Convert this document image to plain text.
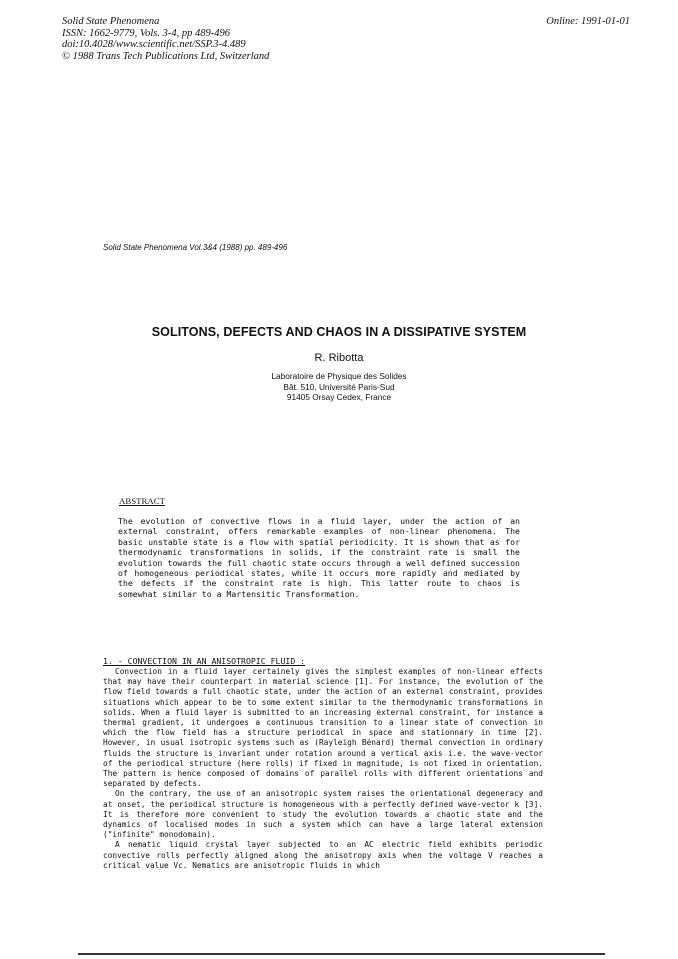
Solid State Phenomena
ISSN: 1662-9779, Vols. 3-4, pp 489-496
doi:10.4028/www.scientific.net/SSP.3-4.489
© 1988 Trans Tech Publications Ltd, Switzerland
Online: 1991-01-01
Solid State Phenomena Vol.3&4 (1988) pp. 489-496
SOLITONS, DEFECTS AND CHAOS IN A DISSIPATIVE SYSTEM
R. Ribotta
Laboratoire de Physique des Solides
Bât. 510, Université Paris-Sud
91405 Orsay Cedex, France
ABSTRACT
The evolution of convective flows in a fluid layer, under the action of an external constraint, offers remarkable examples of non-linear phenomena. The basic unstable state is a flow with spatial periodicity. It is shown that as for thermodynamic transformations in solids, if the constraint rate is small the evolution towards the full chaotic state occurs through a well defined succession of homogeneous periodical states, while it occurs more rapidly and mediated by the defects if the constraint rate is high. This latter route to chaos is somewhat similar to a Martensitic Transformation.
1. - CONVECTION IN AN ANISOTROPIC FLUID :

Convection in a fluid layer certainely gives the simplest examples of non-linear effects that may have their counterpart in material science [1]. For instance, the evolution of the flow field towards a full chaotic state, under the action of an external constraint, provides situations which appear to be to some extent similar to the thermodynamic transformations in solids. When a fluid layer is submitted to an increasing external constraint, for instance a thermal gradient, it undergoes a continuous transition to a linear state of convection in which the flow field has a structure periodical in space and stationnary in time [2]. However, in usual isotropic systems such as (Rayleigh Bénard) thermal convection in ordinary fluids the structure is invariant under rotation around a vertical axis i.e. the wave-vector of the periodical structure (here rolls) if fixed in magnitude, is not fixed in orientation. The pattern is hence composed of domains of parallel rolls with different orientations and separated by defects.

On the contrary, the use of an anisotropic system raises the orientational degeneracy and at onset, the periodical structure is homogeneous with a perfectly defined wave-vector k [3]. It is therefore more convenient to study the evolution towards a chaotic state and the dynamics of localised modes in such a system which can have a large lateral extension ("infinite" monodomain).

A nematic liquid crystal layer subjected to an AC electric field exhibits periodic convective rolls perfectly aligned along the anisotropy axis when the voltage V reaches a critical value Vc. Nematics are anisotropic fluids in which
